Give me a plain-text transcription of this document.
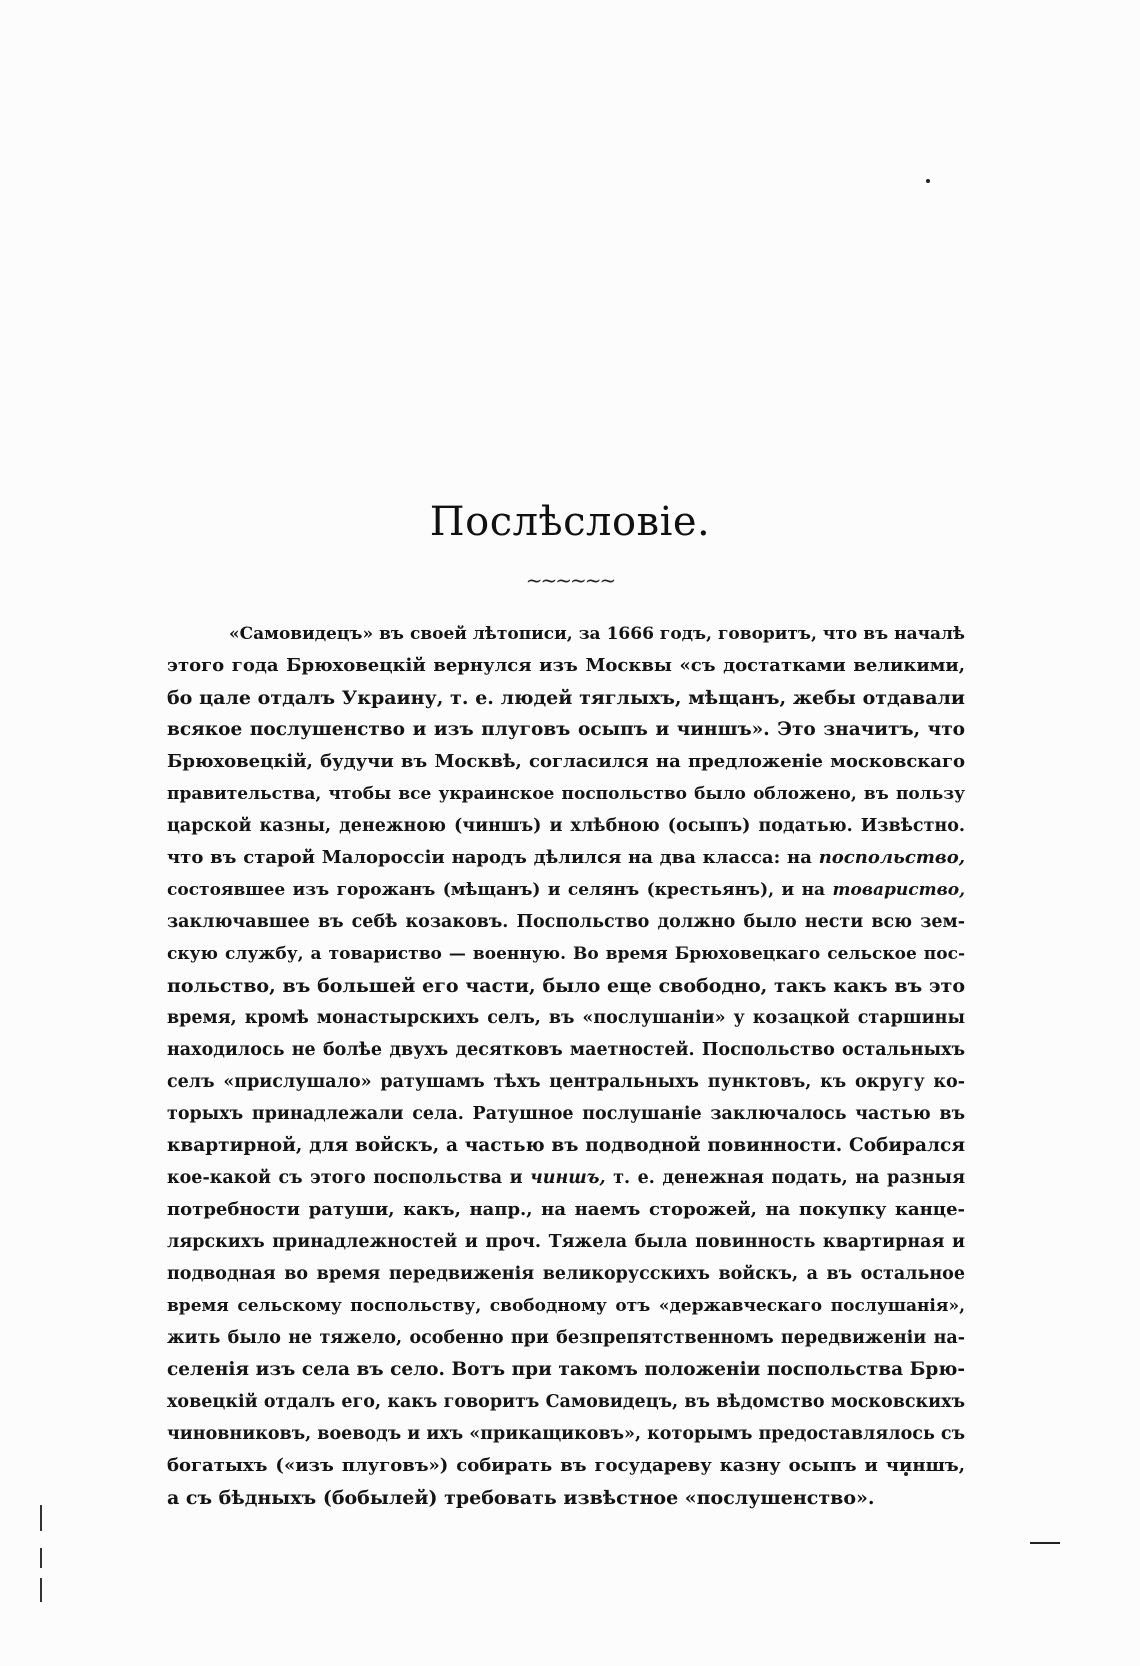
Послѣсловіе.
~~~~~~
«Самовидецъ» въ своей лѣтописи, за 1666 годъ, говоритъ, что въ началѣ
этого года Брюховецкій вернулся изъ Москвы «съ достатками великими,
бо цале отдалъ Украину, т. е. людей тяглыхъ, мѣщанъ, жебы отдавали
всякое послушенство и изъ плуговъ осыпъ и чиншъ». Это значитъ, что
Брюховецкій, будучи въ Москвѣ, согласился на предложеніе московскаго
правительства, чтобы все украинское поспольство было обложено, въ пользу
царской казны, денежною (чиншъ) и хлѣбною (осыпъ) податью. Извѣстно.
что въ старой Малороссіи народъ дѣлился на два класса: на поспольство,
состоявшее изъ горожанъ (мѣщанъ) и селянъ (крестьянъ), и на товариство,
заключавшее въ себѣ козаковъ. Поспольство должно было нести всю зем-
скую службу, а товариство — военную. Во время Брюховецкаго сельское пос-
польство, въ большей его части, было еще свободно, такъ какъ въ это
время, кромѣ монастырскихъ селъ, въ «послушаніи» у козацкой старшины
находилось не болѣе двухъ десятковъ маетностей. Поспольство остальныхъ
селъ «прислушало» ратушамъ тѣхъ центральныхъ пунктовъ, къ округу ко-
торыхъ принадлежали села. Ратушное послушаніе заключалось частью въ
квартирной, для войскъ, а частью въ подводной повинности. Собирался
кое-какой съ этого поспольства и чиншъ, т. е. денежная подать, на разныя
потребности ратуши, какъ, напр., на наемъ сторожей, на покупку канце-
лярскихъ принадлежностей и проч. Тяжела была повинность квартирная и
подводная во время передвиженія великорусскихъ войскъ, а въ остальное
время сельскому поспольству, свободному отъ «державческаго послушанія»,
жить было не тяжело, особенно при безпрепятственномъ передвиженіи на-
селенія изъ села въ село. Вотъ при такомъ положеніи поспольства Брю-
ховецкій отдалъ его, какъ говоритъ Самовидецъ, въ вѣдомство московскихъ
чиновниковъ, воеводъ и ихъ «прикащиковъ», которымъ предоставлялось съ
богатыхъ («изъ плуговъ») собирать въ государеву казну осыпъ и чиншъ,
а съ бѣдныхъ (бобылей) требовать извѣстное «послушенство».
